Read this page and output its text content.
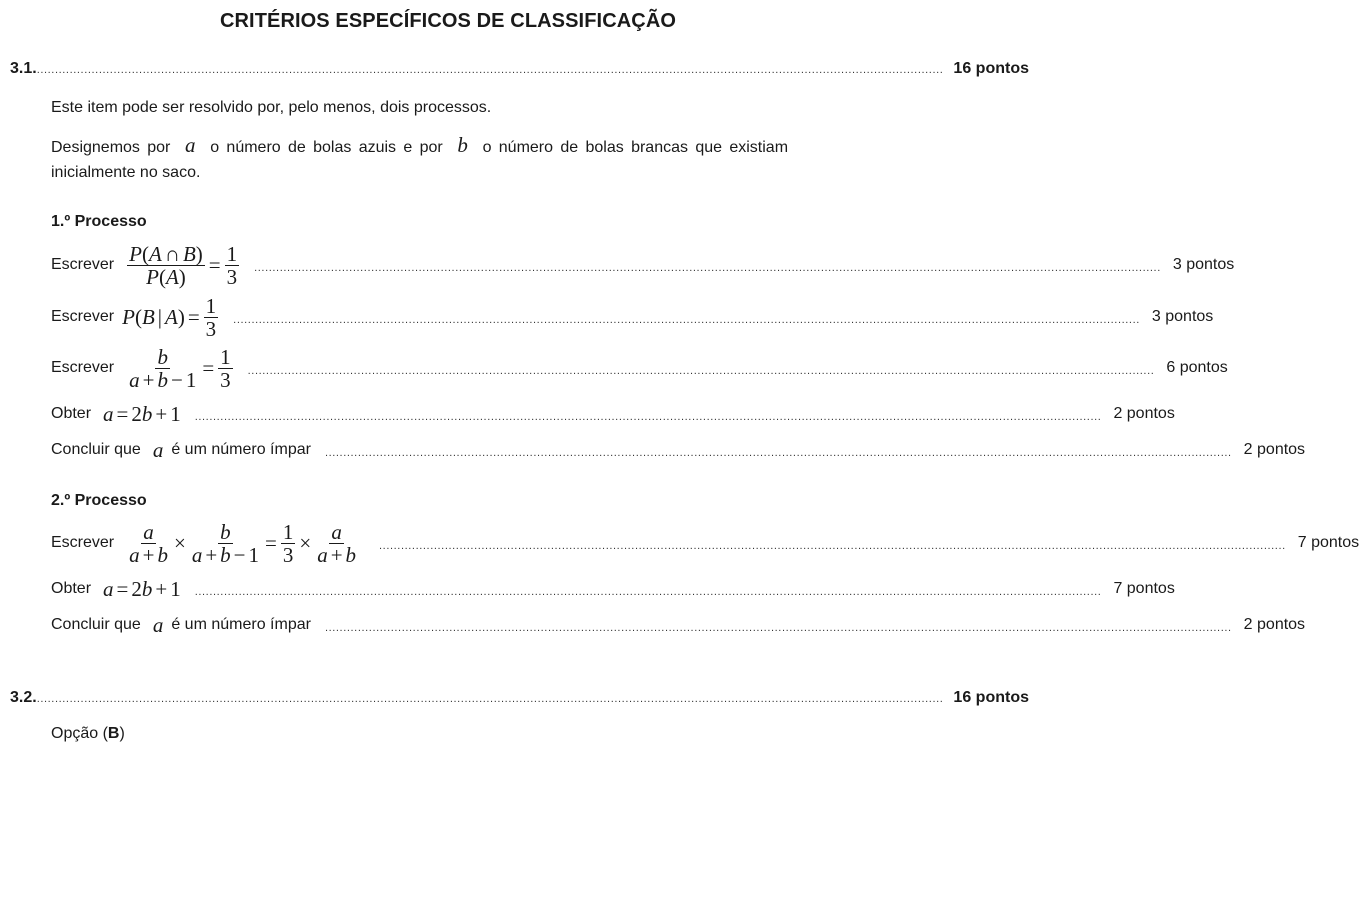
CRITÉRIOS ESPECÍFICOS DE CLASSIFICAÇÃO
3.1. ........................................................................................................................................................................................................................................................ 16 pontos
Este item pode ser resolvido por, pelo menos, dois processos.
Designemos por a o número de bolas azuis e por b o número de bolas brancas que existiam inicialmente no saco.
1.º Processo
Escrever $\frac{P(A \cap B)}{P(A)} = \frac{1}{3}$ ........................................................................................................................................................................................................................................................ 3 pontos
Escrever P ( B | A ) = $\frac{1}{3}$ ........................................................................................................................................................................................................................................................ 3 pontos
Escrever $\frac{b}{a + b - 1} = \frac{1}{3}$ ........................................................................................................................................................................................................................................................ 6 pontos
Obter a = 2 b + 1 ........................................................................................................................................................................................................................................................ 2 pontos
Concluir que a é um número ímpar ........................................................................................................................................................................................................................................................ 2 pontos
2.º Processo
Escrever $\frac{a}{a + b} \times \frac{b}{a + b - 1} = \frac{1}{3} \times \frac{a}{a + b}$ ........................................................................................................................................................................................................................................................ 7 pontos
Obter a = 2 b + 1 ........................................................................................................................................................................................................................................................ 7 pontos
Concluir que a é um número ímpar ........................................................................................................................................................................................................................................................ 2 pontos
3.2. ........................................................................................................................................................................................................................................................ 16 pontos
Opção (B)
